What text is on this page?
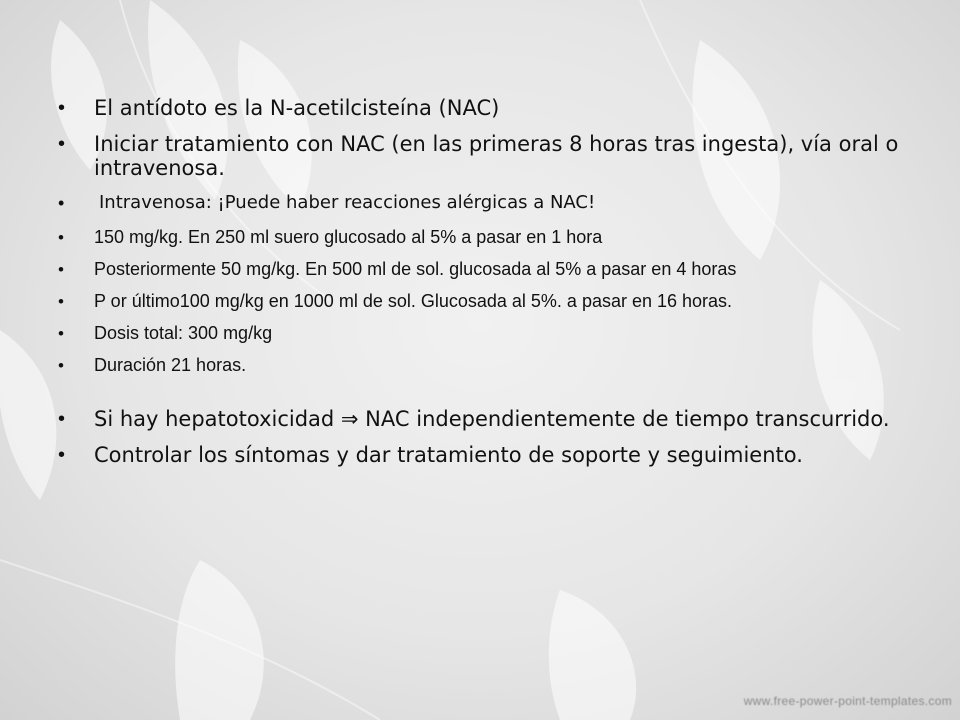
• El antídoto es la N-acetilcisteína (NAC)
• Iniciar tratamiento con NAC (en las primeras 8 horas tras ingesta), vía oral o intravenosa.
• Intravenosa: ¡Puede haber reacciones alérgicas a NAC!
• 150 mg/kg. En 250 ml suero glucosado al 5% a pasar en 1 hora
• Posteriormente 50 mg/kg. En 500 ml de sol. glucosada al 5% a pasar en 4 horas
• P or último100 mg/kg en 1000 ml de sol. Glucosada al 5%. a pasar en 16 horas.
• Dosis total: 300 mg/kg
• Duración 21 horas.
• Si hay hepatotoxicidad ⇒ NAC independientemente de tiempo transcurrido.
• Controlar los síntomas y dar tratamiento de soporte y seguimiento.
www.free-power-point-templates.com
